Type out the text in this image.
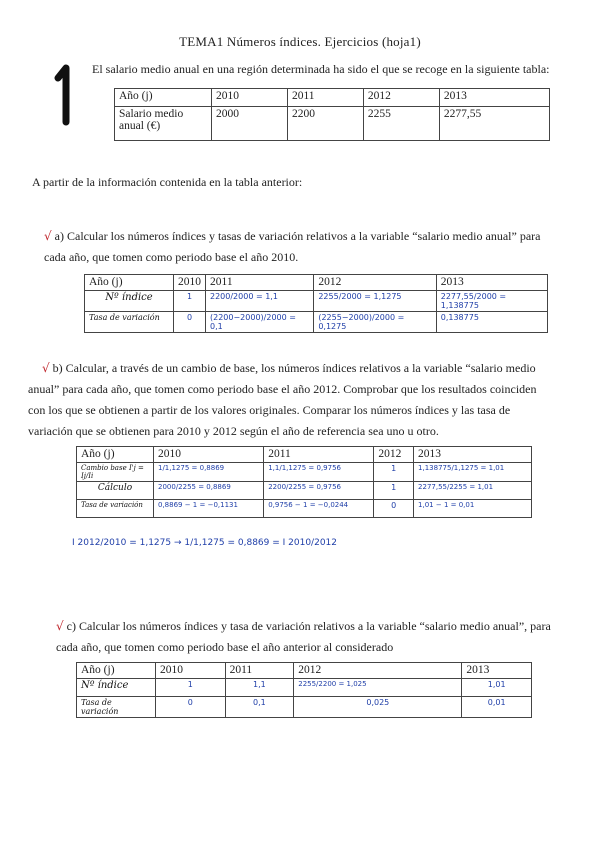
TEMA1 Números índices. Ejercicios (hoja1)
El salario medio anual en una región determinada ha sido el que se recoge en la siguiente tabla:
Año (j)	2010	2011	2012	2013
Salario medio anual (€)	2000	2200	2255	2277,55
A partir de la información contenida en la tabla anterior:
√ a) Calcular los números índices y tasas de variación relativos a la variable “salario medio anual” para cada año, que tomen como periodo base el año 2010.
Año (j)	2010	2011	2012	2013
Nº índice	1	2200/2000 = 1,1	2255/2000 = 1,1275	2277,55/2000 = 1,138775
Tasa de variación	0	(2200−2000)/2000 = 0,1	(2255−2000)/2000 = 0,1275	0,138775
√ b) Calcular, a través de un cambio de base, los números índices relativos a la variable “salario medio anual” para cada año, que tomen como periodo base el año 2012. Comprobar que los resultados coinciden con los que se obtienen a partir de los valores originales. Comparar los números índices y las tasa de variación que se obtienen para 2010 y 2012 según el año de referencia sea uno u otro.
Año (j)	2010	2011	2012	2013
Cambio base I'j = Ij/Ii	1/1,1275 = 0,8869	1,1/1,1275 = 0,9756	1	1,138775/1,1275 = 1,01
Cálculo	2000/2255 = 0,8869	2200/2255 = 0,9756	1	2277,55/2255 = 1,01
Tasa de variación	0,8869 − 1 = −0,1131	0,9756 − 1 = −0,0244	0	1,01 − 1 = 0,01
I 2012/2010 = 1,1275 → 1/1,1275 = 0,8869 = I 2010/2012
√ c) Calcular los números índices y tasa de variación relativos a la variable “salario medio anual”, para cada año, que tomen como periodo base el año anterior al considerado
Año (j)	2010	2011	2012	2013
Nº índice	1	1,1	2255/2200 = 1,025	1,01
Tasa de variación	0	0,1	0,025	0,01
